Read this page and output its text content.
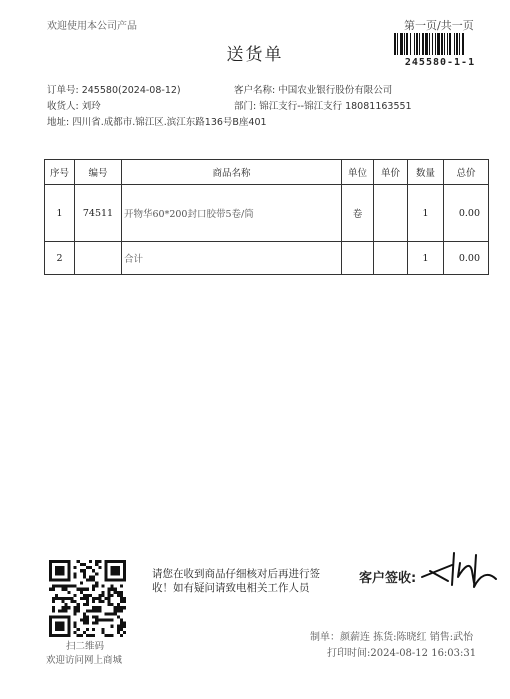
欢迎使用本公司产品	第一页/共一页
245580-1-1
送货单
订单号: 245580(2024-08-12)
收货人: 刘玲
地址: 四川省.成都市.锦江区.滨江东路136号B座401
客户名称: 中国农业银行股份有限公司
部门: 锦江支行--锦江支行 18081163551
序号	编号	商品名称	单位	单价	数量	总价
1	74511	开物华60*200封口胶带5卷/筒	卷		1	0.00
2		合计			1	0.00
扫二维码
欢迎访问网上商城
请您在收到商品仔细核对后再进行签
收！如有疑问请致电相关工作人员
客户签收:
制单：颜薪连 拣货:陈晓红 销售:武怡
打印时间:2024-08-12 16:03:31
